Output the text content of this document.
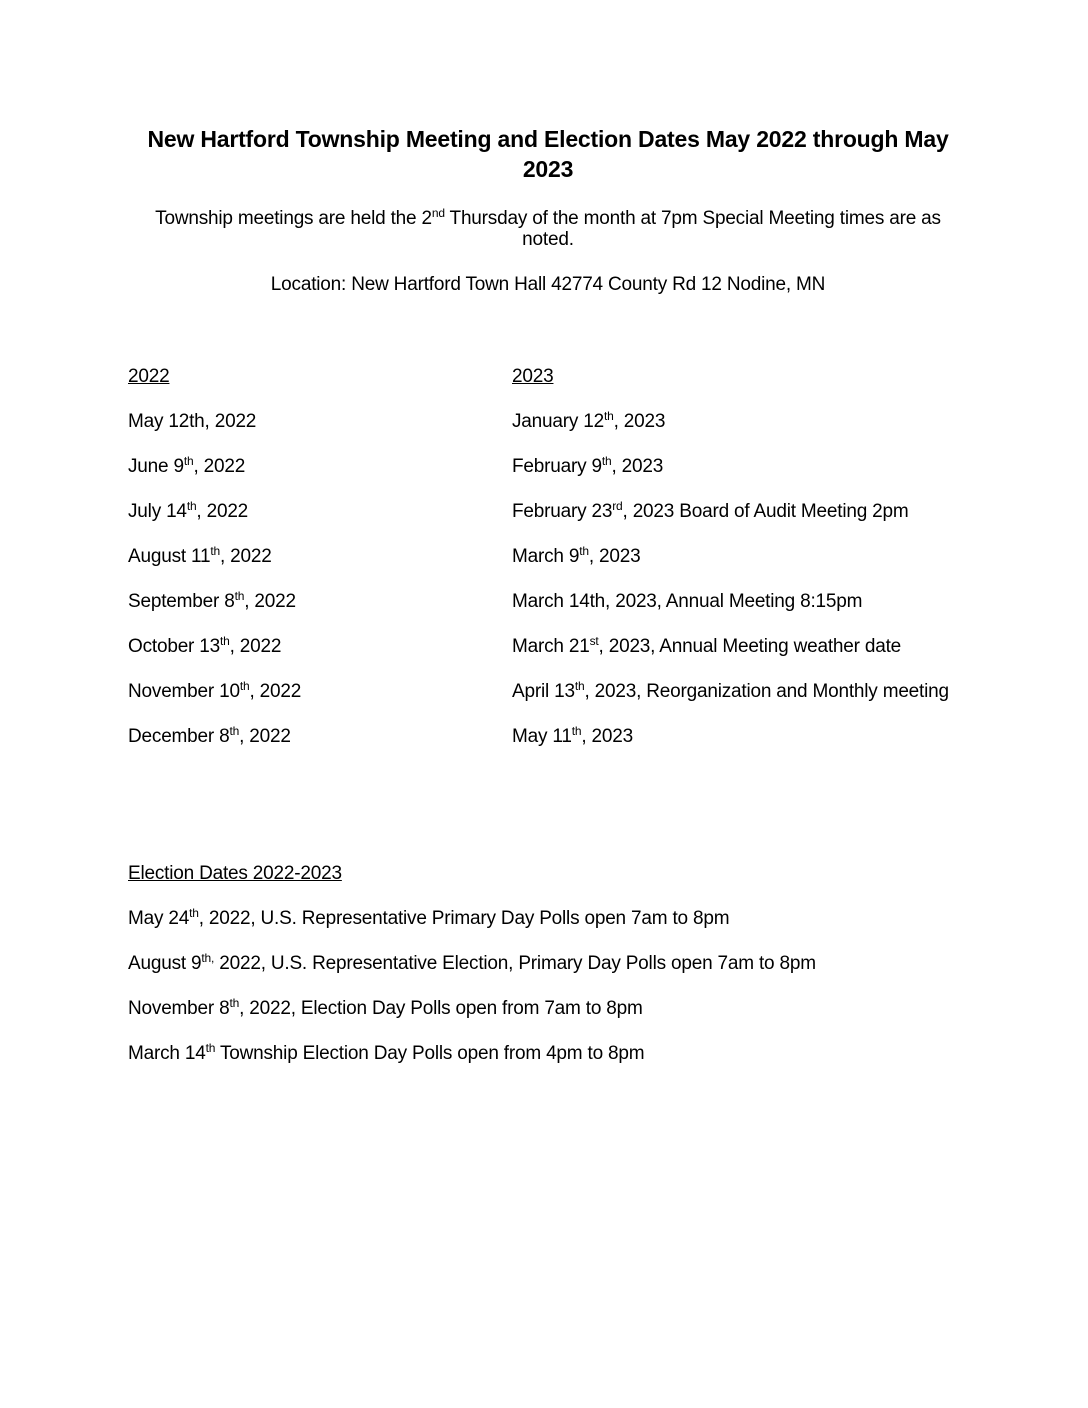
New Hartford Township Meeting and Election Dates May 2022 through May 2023

Township meetings are held the 2nd Thursday of the month at 7pm Special Meeting times are as noted.

Location: New Hartford Town Hall 42774 County Rd 12 Nodine, MN

2022

May 12th, 2022

June 9th, 2022

July 14th, 2022

August 11th, 2022

September 8th, 2022

October 13th, 2022

November 10th, 2022

December 8th, 2022

2023

January 12th, 2023

February 9th, 2023

February 23rd, 2023 Board of Audit Meeting 2pm

March 9th, 2023

March 14th, 2023, Annual Meeting 8:15pm

March 21st, 2023, Annual Meeting weather date

April 13th, 2023, Reorganization and Monthly meeting

May 11th, 2023

Election Dates 2022-2023

May 24th, 2022, U.S. Representative Primary Day Polls open 7am to 8pm

August $9^{th,}$ 2022, U.S. Representative Election, Primary Day Polls open 7am to 8pm

November 8th, 2022, Election Day Polls open from 7am to 8pm

March 14th Township Election Day Polls open from 4pm to 8pm
